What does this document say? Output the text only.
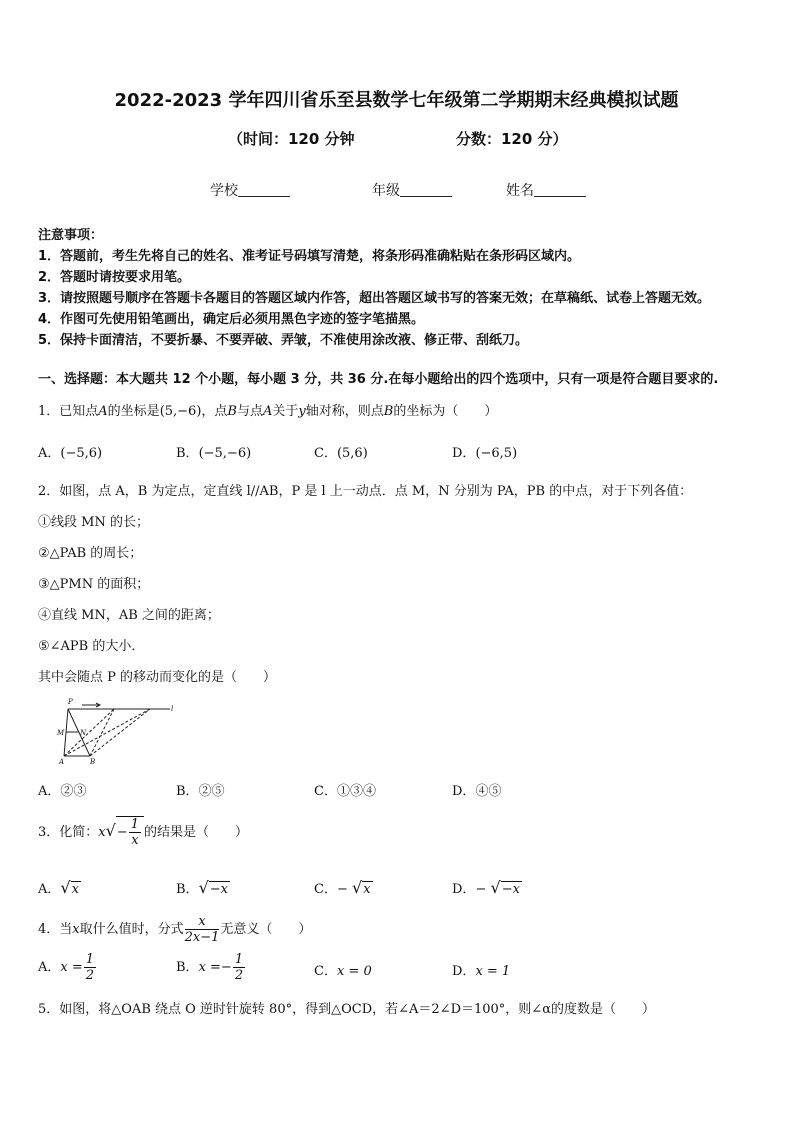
2022-2023 学年四川省乐至县数学七年级第二学期期末经典模拟试题
（时间：120 分钟	分数：120 分）
学校	年级	姓名
注意事项：
1．答题前，考生先将自己的姓名、准考证号码填写清楚，将条形码准确粘贴在条形码区域内。
2．答题时请按要求用笔。
3．请按照题号顺序在答题卡各题目的答题区域内作答，超出答题区域书写的答案无效；在草稿纸、试卷上答题无效。
4．作图可先使用铅笔画出，确定后必须用黑色字迹的签字笔描黑。
5．保持卡面清洁，不要折暴、不要弄破、弄皱，不准使用涂改液、修正带、刮纸刀。
一、选择题：本大题共 12 个小题，每小题 3 分，共 36 分.在每小题给出的四个选项中，只有一项是符合题目要求的.
1．已知点A的坐标是(5,−6)，点B与点A关于y轴对称，则点B的坐标为（　　）
A．(−5,6)	B．(−5,−6)	C．(5,6)	D．(−6,5)
2．如图，点 A，B 为定点，定直线 l//AB，P 是 l 上一动点．点 M，N 分别为 PA，PB 的中点，对于下列各值：
①线段 MN 的长；
②△PAB 的周长；
③△PMN 的面积；
④直线 MN，AB 之间的距离；
⑤∠APB 的大小．
其中会随点 P 的移动而变化的是（　　）
P
l
M N
A	B
A．②③	B．②⑤	C．①③④	D．④⑤
3．化简：$x√- \frac{1}{x}$ 的结果是（　　）
A．√x	B．√−x	C．− √x	D．− √−x
4．当x取什么值时，分式 $\frac{x}{2x-1}$ 无意义（　　）
A．$x = \frac{1}{2}$	B．$x =- \frac{1}{2}$	C．x = 0	D．x = 1
5．如图，将△OAB 绕点 O 逆时针旋转 80°，得到△OCD，若∠A＝2∠D＝100°，则∠α的度数是（　　）
